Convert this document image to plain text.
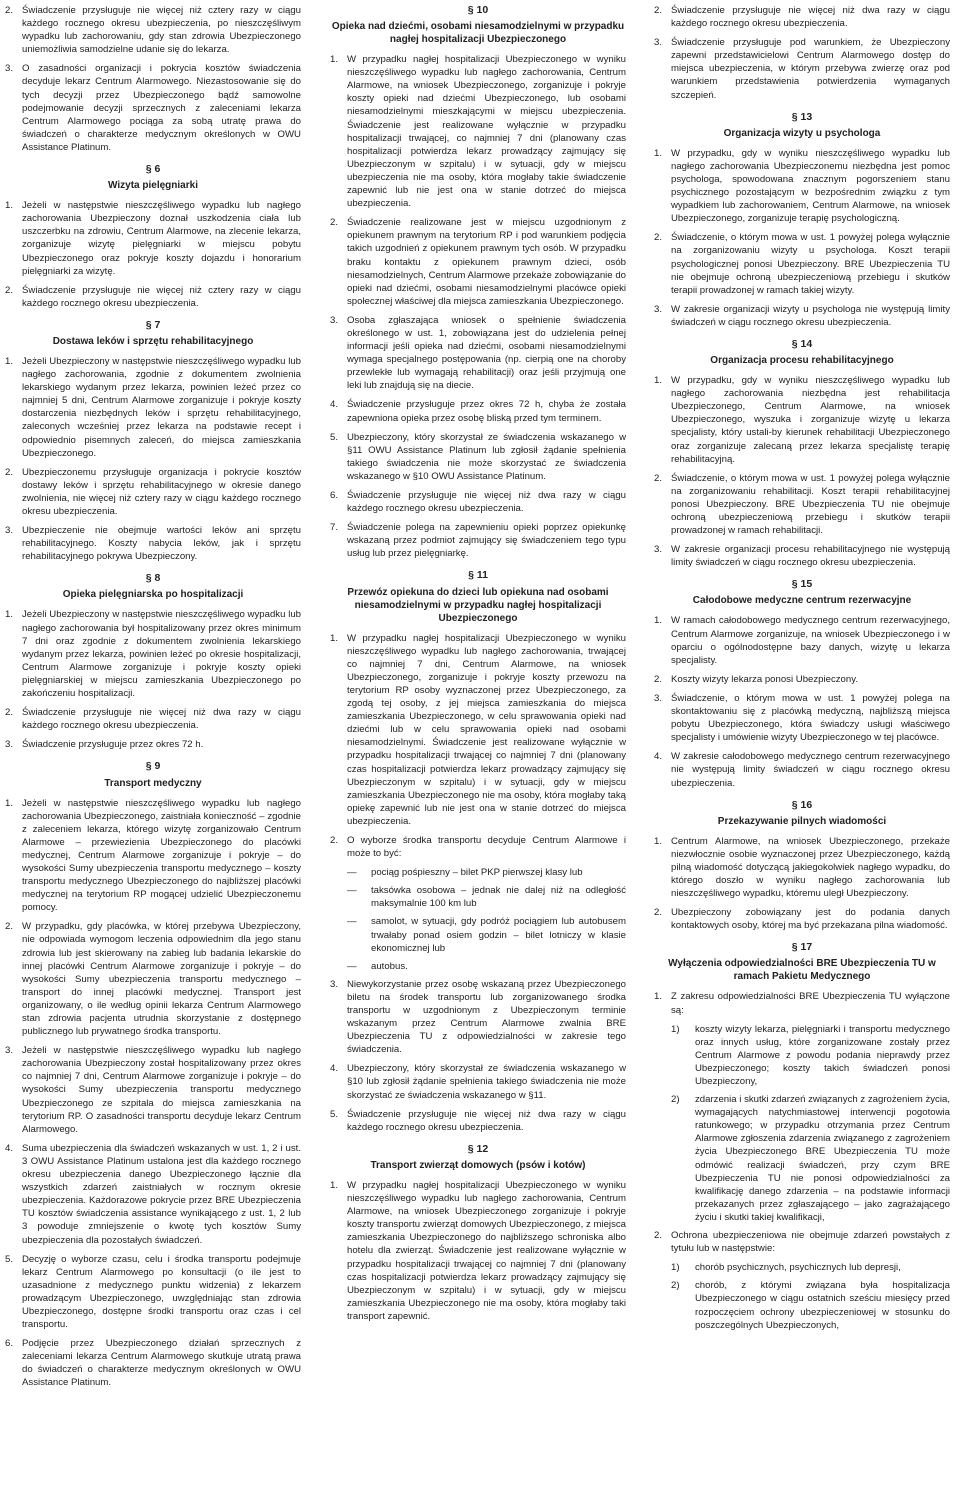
2. Świadczenie przysługuje nie więcej niż cztery razy w ciągu każdego rocznego okresu ubezpieczenia, po nieszczęśliwym wypadku lub zachorowaniu, gdy stan zdrowia Ubezpieczonego uniemożliwia samodzielne udanie się do lekarza.
3. O zasadności organizacji i pokrycia kosztów świadczenia decyduje lekarz Centrum Alarmowego. Niezastosowanie się do tych decyzji przez Ubezpieczonego bądź samowolne podejmowanie decyzji sprzecznych z zaleceniami lekarza Centrum Alarmowego pociąga za sobą utratę prawa do świadczeń o charakterze medycznym określonych w OWU Assistance Platinum.
§ 6
Wizyta pielęgniarki
1. Jeżeli w następstwie nieszczęśliwego wypadku lub nagłego zachorowania Ubezpieczony doznał uszkodzenia ciała lub uszczerbku na zdrowiu, Centrum Alarmowe, na zlecenie lekarza, zorganizuje wizytę pielęgniarki w miejscu pobytu Ubezpieczonego oraz pokryje koszty dojazdu i honorarium pielęgniarki za wizytę.
2. Świadczenie przysługuje nie więcej niż cztery razy w ciągu każdego rocznego okresu ubezpieczenia.
§ 7
Dostawa leków i sprzętu rehabilitacyjnego
1. Jeżeli Ubezpieczony w następstwie nieszczęśliwego wypadku lub nagłego zachorowania, zgodnie z dokumentem zwolnienia lekarskiego wydanym przez lekarza, powinien leżeć przez co najmniej 5 dni, Centrum Alarmowe zorganizuje i pokryje koszty dostarczenia niezbędnych leków i sprzętu rehabilitacyjnego, zaleconych wcześniej przez lekarza na podstawie recept i odpowiednio pisemnych zaleceń, do miejsca zamieszkania Ubezpieczonego.
2. Ubezpieczonemu przysługuje organizacja i pokrycie kosztów dostawy leków i sprzętu rehabilitacyjnego w okresie danego zwolnienia, nie więcej niż cztery razy w ciągu każdego rocznego okresu ubezpieczenia.
3. Ubezpieczenie nie obejmuje wartości leków ani sprzętu rehabilitacyjnego. Koszty nabycia leków, jak i sprzętu rehabilitacyjnego pokrywa Ubezpieczony.
§ 8
Opieka pielęgniarska po hospitalizacji
1. Jeżeli Ubezpieczony w następstwie nieszczęśliwego wypadku lub nagłego zachorowania był hospitalizowany przez okres minimum 7 dni oraz zgodnie z dokumentem zwolnienia lekarskiego wydanym przez lekarza, powinien leżeć po okresie hospitalizacji, Centrum Alarmowe zorganizuje i pokryje koszty opieki pielęgniarskiej w miejscu zamieszkania Ubezpieczonego po zakończeniu hospitalizacji.
2. Świadczenie przysługuje nie więcej niż dwa razy w ciągu każdego rocznego okresu ubezpieczenia.
3. Świadczenie przysługuje przez okres 72 h.
§ 9
Transport medyczny
1. Jeżeli w następstwie nieszczęśliwego wypadku lub nagłego zachorowania Ubezpieczonego, zaistniała konieczność – zgodnie z zaleceniem lekarza, którego wizytę zorganizowało Centrum Alarmowe – przewiezienia Ubezpieczonego do placówki medycznej, Centrum Alarmowe zorganizuje i pokryje – do wysokości Sumy ubezpieczenia transportu medycznego – koszty transportu medycznego Ubezpieczonego do najbliższej placówki medycznej na terytorium RP mogącej udzielić Ubezpieczonemu pomocy.
2. W przypadku, gdy placówka, w której przebywa Ubezpieczony, nie odpowiada wymogom leczenia odpowiednim dla jego stanu zdrowia lub jest skierowany na zabieg lub badania lekarskie do innej placówki Centrum Alarmowe zorganizuje i pokryje – do wysokości Sumy ubezpieczenia transportu medycznego – transport do innej placówki medycznej. Transport jest organizowany, o ile według opinii lekarza Centrum Alarmowego stan zdrowia pacjenta utrudnia skorzystanie z dostępnego publicznego lub prywatnego środka transportu.
3. Jeżeli w następstwie nieszczęśliwego wypadku lub nagłego zachorowania Ubezpieczony został hospitalizowany przez okres co najmniej 7 dni, Centrum Alarmowe zorganizuje i pokryje – do wysokości Sumy ubezpieczenia transportu medycznego Ubezpieczonego ze szpitala do miejsca zamieszkania na terytorium RP. O zasadności transportu decyduje lekarz Centrum Alarmowego.
4. Suma ubezpieczenia dla świadczeń wskazanych w ust. 1, 2 i ust. 3 OWU Assistance Platinum ustalona jest dla każdego rocznego okresu ubezpieczenia danego Ubezpieczonego łącznie dla wszystkich zdarzeń zaistniałych w rocznym okresie ubezpieczenia. Każdorazowe pokrycie przez BRE Ubezpieczenia TU kosztów świadczenia assistance wynikającego z ust. 1, 2 lub 3 powoduje zmniejszenie o kwotę tych kosztów Sumy ubezpieczenia dla pozostałych świadczeń.
5. Decyzję o wyborze czasu, celu i środka transportu podejmuje lekarz Centrum Alarmowego po konsultacji (o ile jest to uzasadnione z medycznego punktu widzenia) z lekarzem prowadzącym Ubezpieczonego, uwzględniając stan zdrowia Ubezpieczonego, dostępne środki transportu oraz czas i cel transportu.
6. Podjęcie przez Ubezpieczonego działań sprzecznych z zaleceniami lekarza Centrum Alarmowego skutkuje utratą prawa do świadczeń o charakterze medycznym określonych w OWU Assistance Platinum.
§ 10
Opieka nad dziećmi, osobami niesamodzielnymi w przypadku nagłej hospitalizacji Ubezpieczonego
1. W przypadku nagłej hospitalizacji Ubezpieczonego w wyniku nieszczęśliwego wypadku lub nagłego zachorowania, Centrum Alarmowe, na wniosek Ubezpieczonego, zorganizuje i pokryje koszty opieki nad dziećmi Ubezpieczonego, lub osobami niesamodzielnymi mieszkającymi w miejscu ubezpieczenia. Świadczenie jest realizowane wyłącznie w przypadku hospitalizacji trwającej, co najmniej 7 dni (planowany czas hospitalizacji potwierdza lekarz prowadzący zajmujący się Ubezpieczonym w szpitalu) i w sytuacji, gdy w miejscu ubezpieczenia nie ma osoby, która mogłaby takie świadczenie zapewnić lub nie jest ona w stanie dotrzeć do miejsca ubezpieczenia.
2. Świadczenie realizowane jest w miejscu uzgodnionym z opiekunem prawnym na terytorium RP i pod warunkiem podjęcia takich uzgodnień z opiekunem prawnym tych osób. W przypadku braku kontaktu z opiekunem prawnym dzieci, osób niesamodzielnych, Centrum Alarmowe przekaże zobowiązanie do opieki nad dziećmi, osobami niesamodzielnymi placówce opieki społecznej właściwej dla miejsca zamieszkania Ubezpieczonego.
3. Osoba zgłaszająca wniosek o spełnienie świadczenia określonego w ust. 1, zobowiązana jest do udzielenia pełnej informacji jeśli opieka nad dziećmi, osobami niesamodzielnymi wymaga specjalnego postępowania (np. cierpią one na choroby przewlekłe lub wymagają rehabilitacji) oraz jeśli przyjmują one leki lub znajdują się na diecie.
4. Świadczenie przysługuje przez okres 72 h, chyba że została zapewniona opieka przez osobę bliską przed tym terminem.
5. Ubezpieczony, który skorzystał ze świadczenia wskazanego w §11 OWU Assistance Platinum lub zgłosił żądanie spełnienia takiego świadczenia nie może skorzystać ze świadczenia wskazanego w §10 OWU Assistance Platinum.
6. Świadczenie przysługuje nie więcej niż dwa razy w ciągu każdego rocznego okresu ubezpieczenia.
7. Świadczenie polega na zapewnieniu opieki poprzez opiekunkę wskazaną przez podmiot zajmujący się świadczeniem tego typu usług lub przez pielęgniarkę.
§ 11
Przewóz opiekuna do dzieci lub opiekuna nad osobami niesamodzielnymi w przypadku nagłej hospitalizacji Ubezpieczonego
1. W przypadku nagłej hospitalizacji Ubezpieczonego w wyniku nieszczęśliwego wypadku lub nagłego zachorowania, trwającej co najmniej 7 dni, Centrum Alarmowe, na wniosek Ubezpieczonego, zorganizuje i pokryje koszty przewozu na terytorium RP osoby wyznaczonej przez Ubezpieczonego, za zgodą tej osoby, z jej miejsca zamieszkania do miejsca zamieszkania Ubezpieczonego, w celu sprawowania opieki nad dziećmi lub w celu sprawowania opieki nad osobami niesamodzielnymi. Świadczenie jest realizowane wyłącznie w przypadku hospitalizacji trwającej co najmniej 7 dni (planowany czas hospitalizacji potwierdza lekarz prowadzący zajmujący się Ubezpieczonym w szpitalu) i w sytuacji, gdy w miejscu zamieszkania Ubezpieczonego nie ma osoby, która mogłaby taką opiekę zapewnić lub nie jest ona w stanie dotrzeć do miejsca ubezpieczenia.
2. O wyborze środka transportu decyduje Centrum Alarmowe i może to być:
—	pociąg pośpieszny – bilet PKP pierwszej klasy lub
—	taksówka osobowa – jednak nie dalej niż na odległość maksymalnie 100 km lub
—	samolot, w sytuacji, gdy podróż pociągiem lub autobusem trwałaby ponad osiem godzin – bilet lotniczy w klasie ekonomicznej lub
—	autobus.
3. Niewykorzystanie przez osobę wskazaną przez Ubezpieczonego biletu na środek transportu lub zorganizowanego środka transportu w uzgodnionym z Ubezpieczonym terminie wskazanym przez Centrum Alarmowe zwalnia BRE Ubezpieczenia TU z odpowiedzialności w zakresie tego świadczenia.
4. Ubezpieczony, który skorzystał ze świadczenia wskazanego w §10 lub zgłosił żądanie spełnienia takiego świadczenia nie może skorzystać ze świadczenia wskazanego w §11.
5. Świadczenie przysługuje nie więcej niż dwa razy w ciągu każdego rocznego okresu ubezpieczenia.
§ 12
Transport zwierząt domowych (psów i kotów)
1. W przypadku nagłej hospitalizacji Ubezpieczonego w wyniku nieszczęśliwego wypadku lub nagłego zachorowania, Centrum Alarmowe, na wniosek Ubezpieczonego zorganizuje i pokryje koszty transportu zwierząt domowych Ubezpieczonego, z miejsca zamieszkania Ubezpieczonego do najbliższego schroniska albo hotelu dla zwierząt. Świadczenie jest realizowane wyłącznie w przypadku hospitalizacji trwającej co najmniej 7 dni (planowany czas hospitalizacji potwierdza lekarz prowadzący zajmujący się Ubezpieczonym w szpitalu) i w sytuacji, gdy w miejscu zamieszkania Ubezpieczonego nie ma osoby, która mogłaby taki transport zapewnić.
2. Świadczenie przysługuje nie więcej niż dwa razy w ciągu każdego rocznego okresu ubezpieczenia.
3. Świadczenie przysługuje pod warunkiem, że Ubezpieczony zapewni przedstawicielowi Centrum Alarmowego dostęp do miejsca ubezpieczenia, w którym przebywa zwierzę oraz pod warunkiem przedstawienia potwierdzenia wymaganych szczepień.
§ 13
Organizacja wizyty u psychologa
1. W przypadku, gdy w wyniku nieszczęśliwego wypadku lub nagłego zachorowania Ubezpieczonemu niezbędna jest pomoc psychologa, spowodowana znacznym pogorszeniem stanu psychicznego pozostającym w bezpośrednim związku z tym wypadkiem lub zachorowaniem, Centrum Alarmowe, na wniosek Ubezpieczonego, zorganizuje terapię psychologiczną.
2. Świadczenie, o którym mowa w ust. 1 powyżej polega wyłącznie na zorganizowaniu wizyty u psychologa. Koszt terapii psychologicznej ponosi Ubezpieczony. BRE Ubezpieczenia TU nie obejmuje ochroną ubezpieczeniową przebiegu i skutków terapii prowadzonej w ramach takiej wizyty.
3. W zakresie organizacji wizyty u psychologa nie występują limity świadczeń w ciągu rocznego okresu ubezpieczenia.
§ 14
Organizacja procesu rehabilitacyjnego
1. W przypadku, gdy w wyniku nieszczęśliwego wypadku lub nagłego zachorowania niezbędna jest rehabilitacja Ubezpieczonego, Centrum Alarmowe, na wniosek Ubezpieczonego, wyszuka i zorganizuje wizytę u lekarza specjalisty, który ustali-by kierunek rehabilitacji Ubezpieczonego oraz zorganizuje zalecaną przez lekarza specjalistę terapię rehabilitacyjną.
2. Świadczenie, o którym mowa w ust. 1 powyżej polega wyłącznie na zorganizowaniu rehabilitacji. Koszt terapii rehabilitacyjnej ponosi Ubezpieczony. BRE Ubezpieczenia TU nie obejmuje ochroną ubezpieczeniową przebiegu i skutków terapii prowadzonej w ramach rehabilitacji.
3. W zakresie organizacji procesu rehabilitacyjnego nie występują limity świadczeń w ciągu rocznego okresu ubezpieczenia.
§ 15
Całodobowe medyczne centrum rezerwacyjne
1. W ramach całodobowego medycznego centrum rezerwacyjnego, Centrum Alarmowe zorganizuje, na wniosek Ubezpieczonego i w oparciu o ogólnodostępne bazy danych, wizytę u lekarza specjalisty.
2. Koszty wizyty lekarza ponosi Ubezpieczony.
3. Świadczenie, o którym mowa w ust. 1 powyżej polega na skontaktowaniu się z placówką medyczną, najbliższą miejsca pobytu Ubezpieczonego, która świadczy usługi właściwego specjalisty i umówienie wizyty Ubezpieczonego w tej placówce.
4. W zakresie całodobowego medycznego centrum rezerwacyjnego nie występują limity świadczeń w ciągu rocznego okresu ubezpieczenia.
§ 16
Przekazywanie pilnych wiadomości
1. Centrum Alarmowe, na wniosek Ubezpieczonego, przekaże niezwłocznie osobie wyznaczonej przez Ubezpieczonego, każdą pilną wiadomość dotyczącą jakiegokolwiek nagłego wypadku, do którego doszło w wyniku nagłego zachorowania lub nieszczęśliwego wypadku, któremu uległ Ubezpieczony.
2. Ubezpieczony zobowiązany jest do podania danych kontaktowych osoby, której ma być przekazana pilna wiadomość.
§ 17
Wyłączenia odpowiedzialności BRE Ubezpieczenia TU w ramach Pakietu Medycznego
1. Z zakresu odpowiedzialności BRE Ubezpieczenia TU wyłączone są:
1)	koszty wizyty lekarza, pielęgniarki i transportu medycznego oraz innych usług, które zorganizowane zostały przez Centrum Alarmowe z powodu podania nieprawdy przez Ubezpieczonego; koszty takich świadczeń ponosi Ubezpieczony,
2)	zdarzenia i skutki zdarzeń związanych z zagrożeniem życia, wymagających natychmiastowej interwencji pogotowia ratunkowego; w przypadku otrzymania przez Centrum Alarmowe zgłoszenia zdarzenia związanego z zagrożeniem życia Ubezpieczonego BRE Ubezpieczenia TU może odmówić realizacji świadczeń, przy czym BRE Ubezpieczenia TU nie ponosi odpowiedzialności za kwalifikację danego zdarzenia – na podstawie informacji przekazanych przez zgłaszającego – jako zagrażającego życiu i skutki takiej kwalifikacji,
2. Ochrona ubezpieczeniowa nie obejmuje zdarzeń powstałych z tytułu lub w następstwie:
1)	chorób psychicznych, psychicznych lub depresji,
2)	chorób, z którymi związana była hospitalizacja Ubezpieczonego w ciągu ostatnich sześciu miesięcy przed rozpoczęciem ochrony ubezpieczeniowej w stosunku do poszczególnych Ubezpieczonych,
